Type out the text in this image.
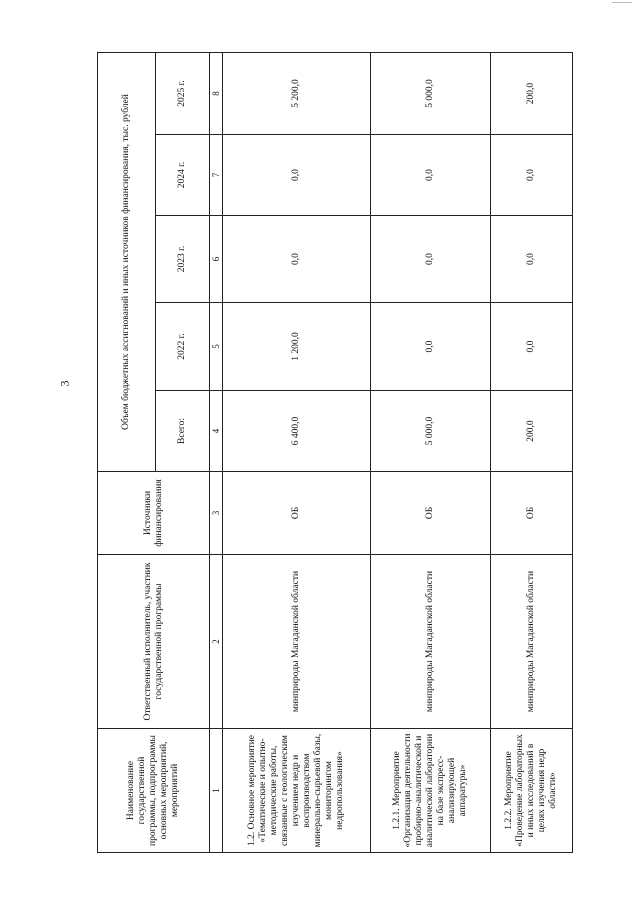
3
Наименование государственной программы, подпрограммы основных мероприятий, мероприятий	Ответственный исполнитель, участник государственной программы	Источники финансирования	Объем бюджетных ассигнований и иных источников финансирования, тыс. рублей				
			Всего:	2022 г.	2023 г.	2024 г.	2025 г.
1	2	3	4	5	6	7	8
1.2. Основное мероприятие «Тематические и опытно-методические работы, связанные с геологическим изучением недр и воспроизводством минерально-сырьевой базы, мониторингом недропользования»	минприроды Магаданской области	ОБ	6 400,0	1 200,0	0,0	0,0	5 200,0
1.2.1. Мероприятие «Организация деятельности пробирно-аналитической и аналитической лаборатории на базе экспресс-анализирующей аппаратуры»	минприроды Магаданской области	ОБ	5 000,0	0,0	0,0	0,0	5 000,0
1.2.2. Мероприятие «Проведение лабораторных и иных исследований в целях изучения недр области»	минприроды Магаданской области	ОБ	200,0	0,0	0,0	0,0	200,0
